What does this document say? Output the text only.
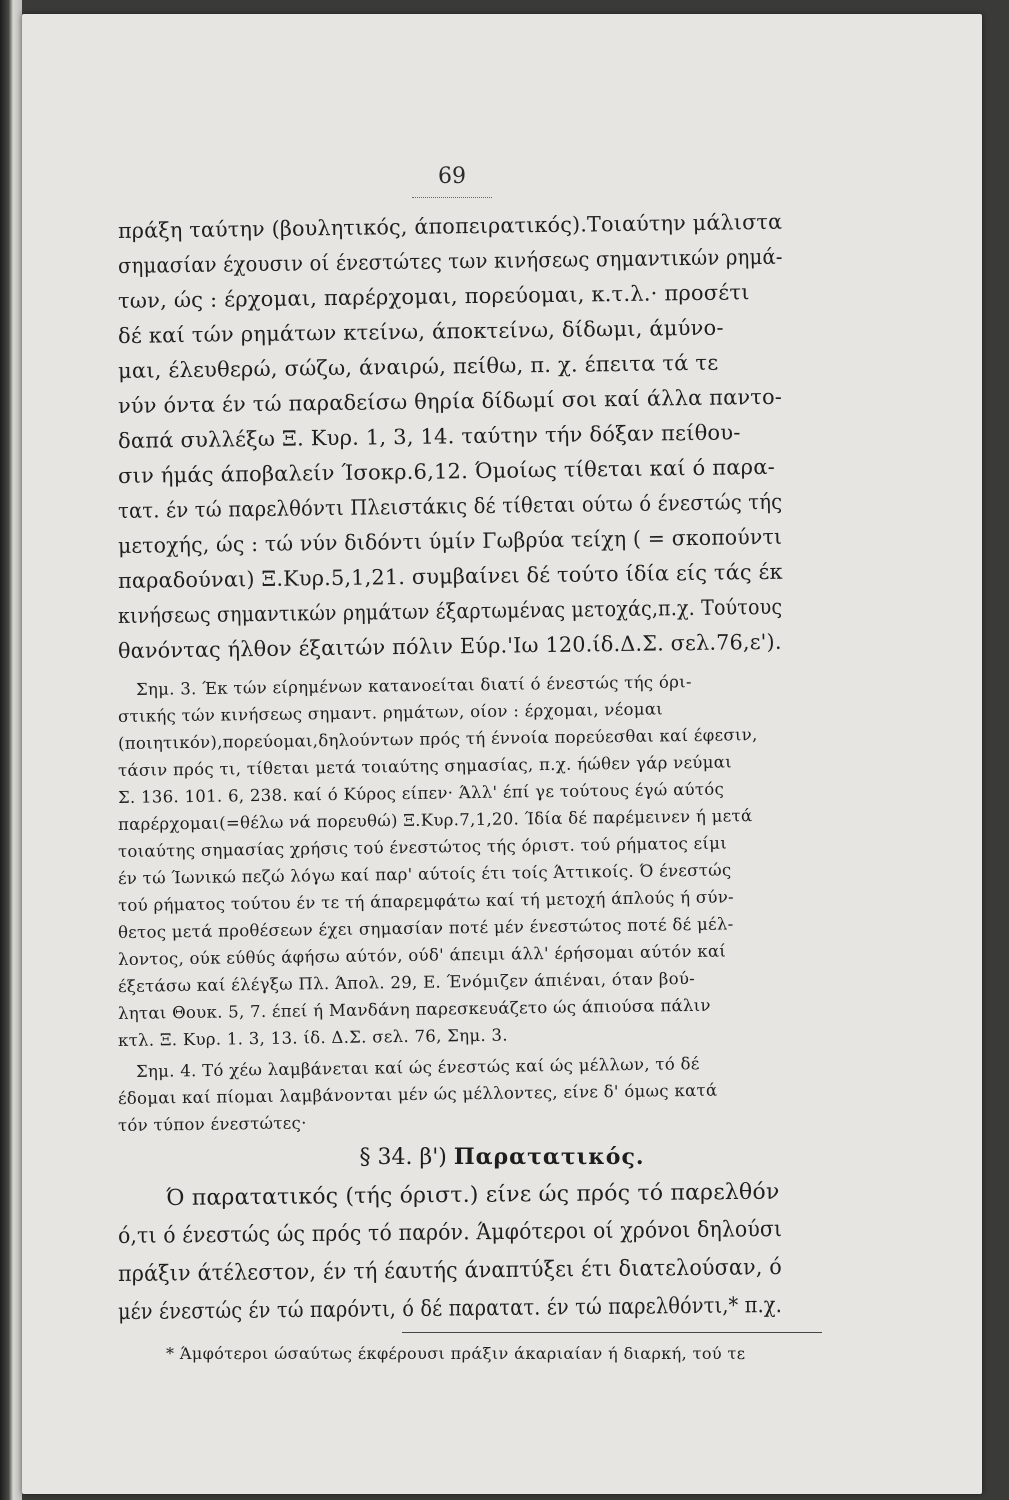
69
πράξη ταύτην (βουλητικός, άποπειρατικός).Τοιαύτην μάλιστα
σημασίαν έχουσιν οί ένεστώτες των κινήσεως σημαντικών ρημά-
των, ώς : έρχομαι, παρέρχομαι, πορεύομαι, κ.τ.λ.· προσέτι
δέ καί τών ρημάτων κτείνω, άποκτείνω, δίδωμι, άμύνο-
μαι, έλευθερώ, σώζω, άναιρώ, πείθω, π. χ. έπειτα τά τε
νύν όντα έν τώ παραδείσω θηρία δίδωμί σοι καί άλλα παντο-
δαπά συλλέξω Ξ. Κυρ. 1, 3, 14. ταύτην τήν δόξαν πείθου-
σιν ήμάς άποβαλείν Ίσοκρ.6,12. Όμοίως τίθεται καί ό παρα-
τατ. έν τώ παρελθόντι Πλειστάκις δέ τίθεται ούτω ό ένεστώς τής
μετοχής, ώς : τώ νύν διδόντι ύμίν Γωβρύα τείχη ( = σκοπούντι
παραδούναι) Ξ.Κυρ.5,1,21. συμβαίνει δέ τούτο ίδία είς τάς έκ
κινήσεως σημαντικών ρημάτων έξαρτωμένας μετοχάς,π.χ. Τούτους
θανόντας ήλθον έξαιτών πόλιν Εύρ.'Ιω 120.ίδ.Δ.Σ. σελ.76,ε').
Σημ. 3. Έκ τών είρημένων κατανοείται διατί ό ένεστώς τής όρι-
στικής τών κινήσεως σημαντ. ρημάτων, οίον : έρχομαι, νέομαι
(ποιητικόν),πορεύομαι,δηλούντων πρός τή έννοία πορεύεσθαι καί έφεσιν,
τάσιν πρός τι, τίθεται μετά τοιαύτης σημασίας, π.χ. ήώθεν γάρ νεύμαι
Σ. 136. 101. 6, 238. καί ό Κύρος είπεν· Άλλ' έπί γε τούτους έγώ αύτός
παρέρχομαι(=θέλω νά πορευθώ) Ξ.Κυρ.7,1,20. Ίδία δέ παρέμεινεν ή μετά
τοιαύτης σημασίας χρήσις τού ένεστώτος τής όριστ. τού ρήματος είμι
έν τώ Ίωνικώ πεζώ λόγω καί παρ' αύτοίς έτι τοίς Άττικοίς. Ό ένεστώς
τού ρήματος τούτου έν τε τή άπαρεμφάτω καί τή μετοχή άπλούς ή σύν-
θετος μετά προθέσεων έχει σημασίαν ποτέ μέν ένεστώτος ποτέ δέ μέλ-
λοντος, ούκ εύθύς άφήσω αύτόν, ούδ' άπειμι άλλ' έρήσομαι αύτόν καί
έξετάσω καί έλέγξω Πλ. Άπολ. 29, Ε. Ένόμιζεν άπιέναι, όταν βού-
ληται Θουκ. 5, 7. έπεί ή Μανδάνη παρεσκευάζετο ώς άπιούσα πάλιν
κτλ. Ξ. Κυρ. 1. 3, 13. ίδ. Δ.Σ. σελ. 76, Σημ. 3.
Σημ. 4. Τό χέω λαμβάνεται καί ώς ένεστώς καί ώς μέλλων, τό δέ
έδομαι καί πίομαι λαμβάνονται μέν ώς μέλλοντες, είνε δ' όμως κατά
τόν τύπον ένεστώτες·
§ 34. β') Παρατατικός.
Ό παρατατικός (τής όριστ.) είνε ώς πρός τό παρελθόν
ό,τι ό ένεστώς ώς πρός τό παρόν. Άμφότεροι οί χρόνοι δηλούσι
πράξιν άτέλεστον, έν τή έαυτής άναπτύξει έτι διατελούσαν, ό
μέν ένεστώς έν τώ παρόντι, ό δέ παρατατ. έν τώ παρελθόντι,* π.χ.
* Άμφότεροι ώσαύτως έκφέρουσι πράξιν άκαριαίαν ή διαρκή, τού τε
